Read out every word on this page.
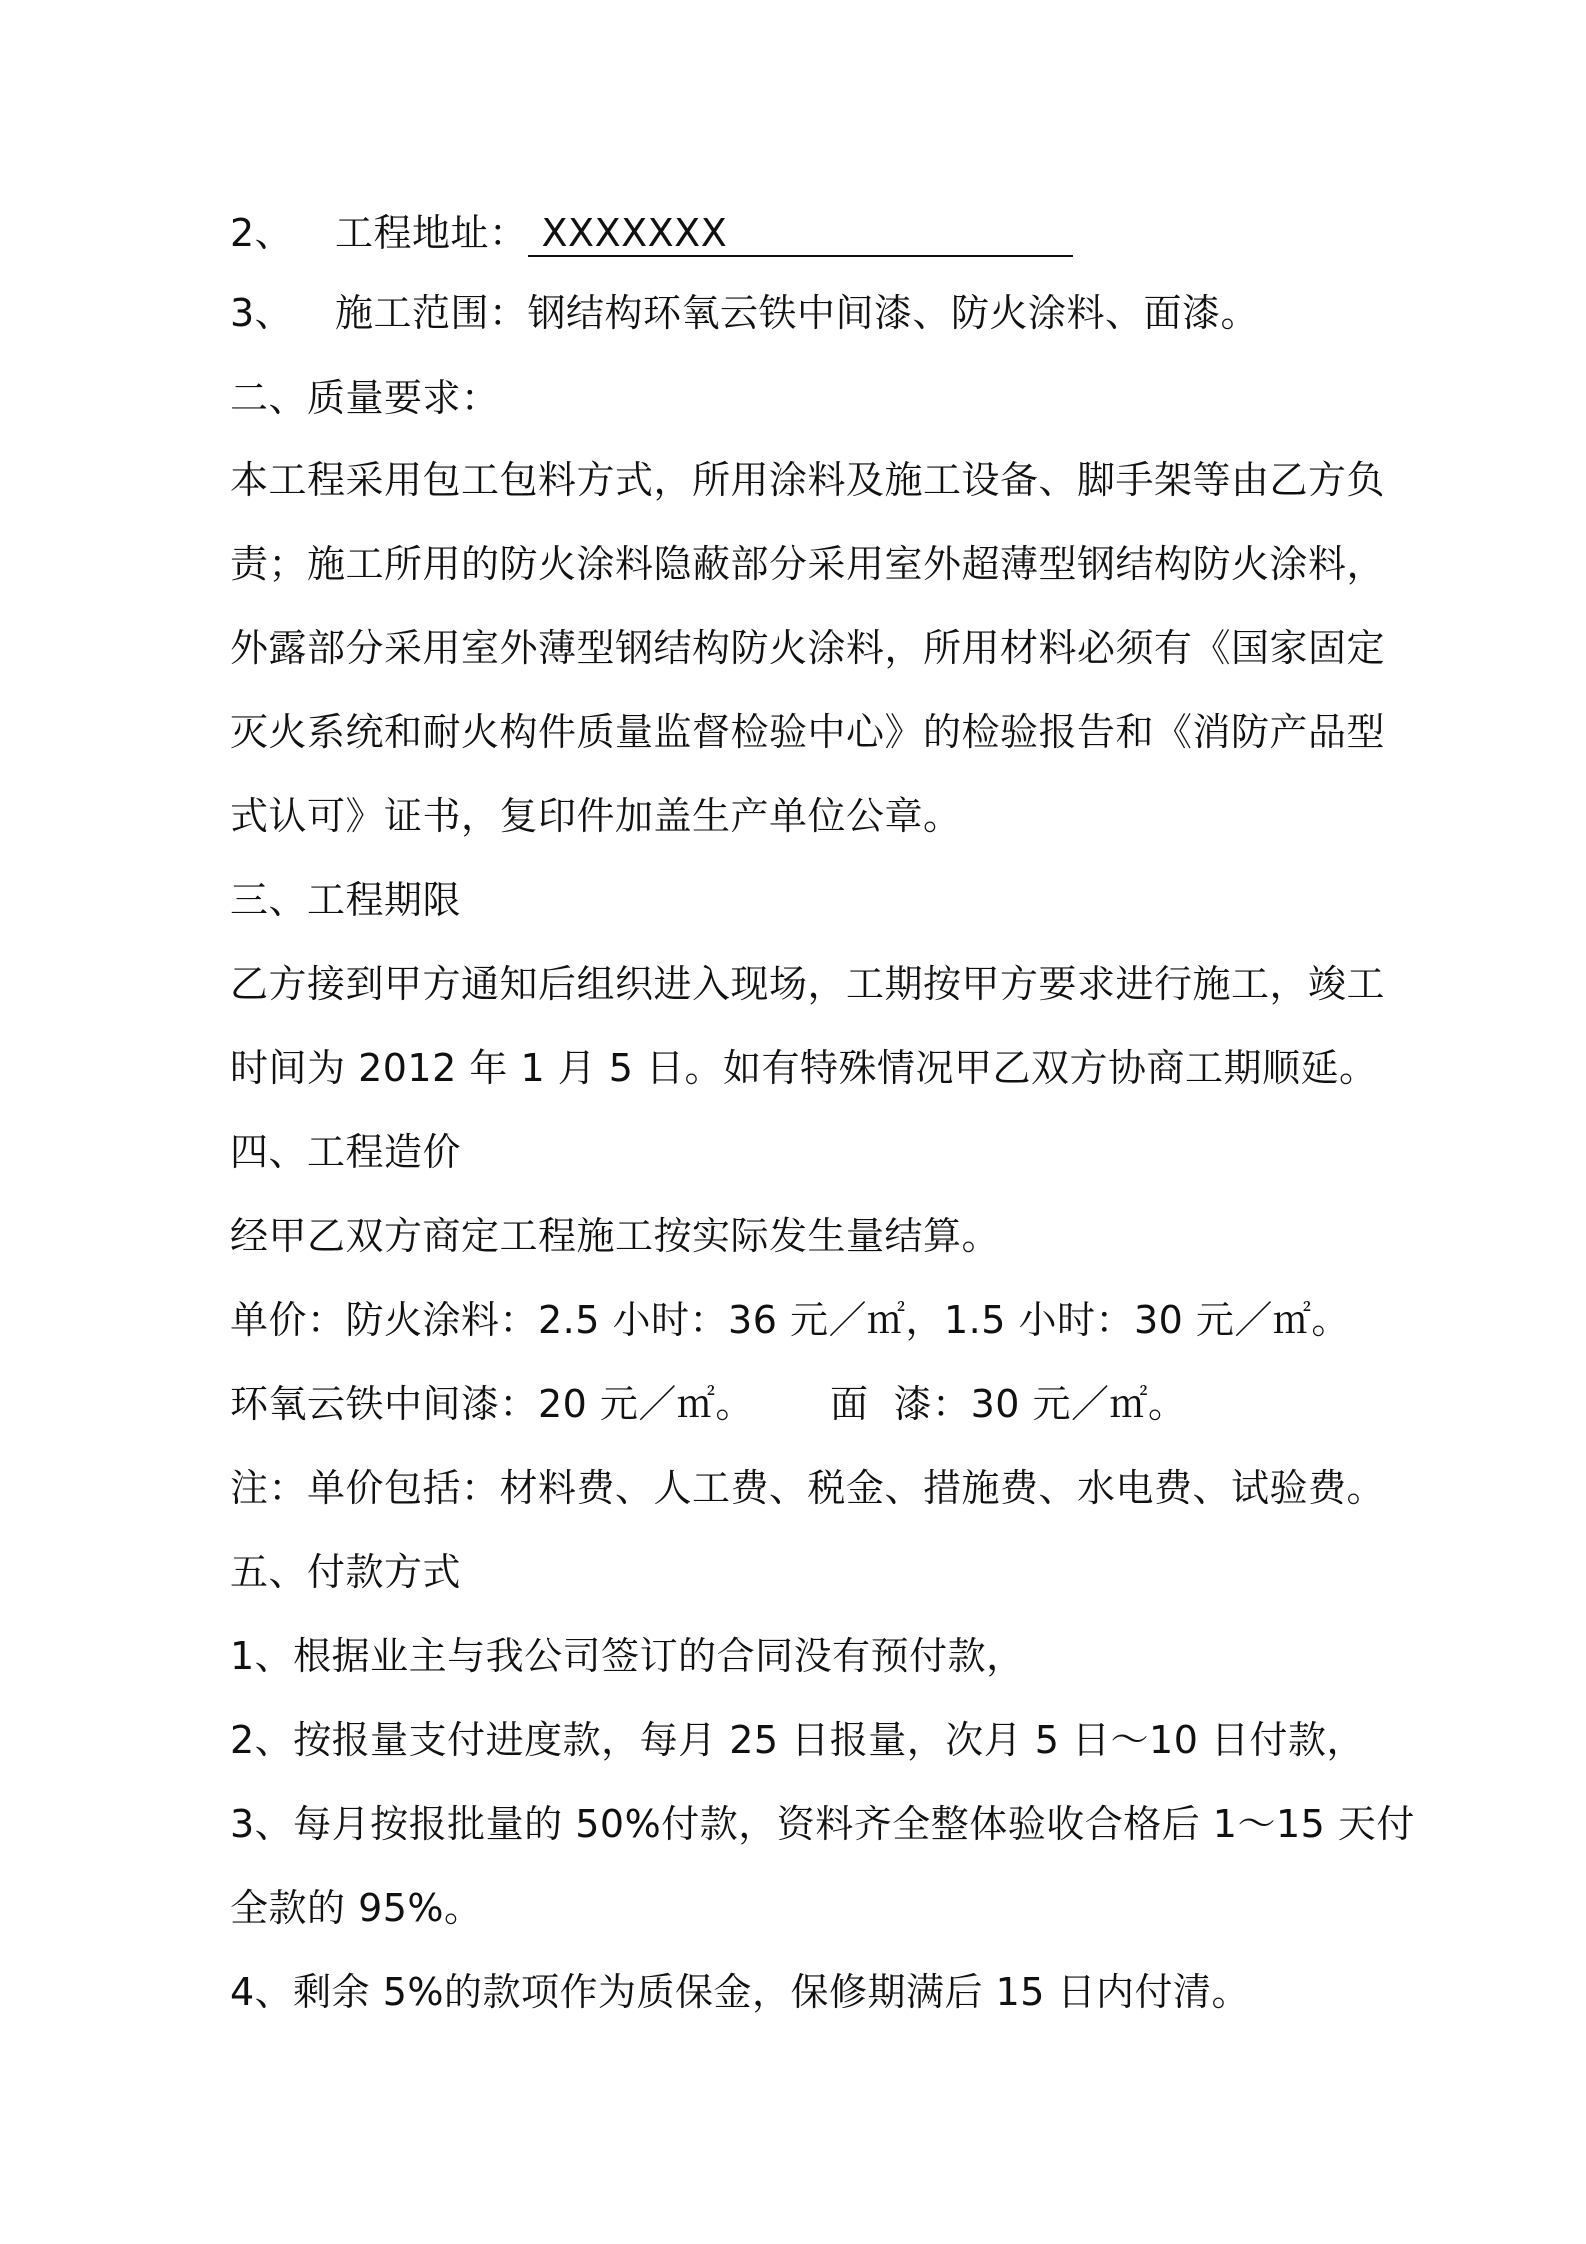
2、 工程地址： XXXXXXX
3、 施工范围：钢结构环氧云铁中间漆、防火涂料、面漆。
二、质量要求：
本工程采用包工包料方式，所用涂料及施工设备、脚手架等由乙方负
责；施工所用的防火涂料隐蔽部分采用室外超薄型钢结构防火涂料，
外露部分采用室外薄型钢结构防火涂料，所用材料必须有《国家固定
灭火系统和耐火构件质量监督检验中心》的检验报告和《消防产品型
式认可》证书，复印件加盖生产单位公章。
三、工程期限
乙方接到甲方通知后组织进入现场，工期按甲方要求进行施工，竣工
时间为 2012 年 1 月 5 日。如有特殊情况甲乙双方协商工期顺延。
四、工程造价
经甲乙双方商定工程施工按实际发生量结算。
单价：防火涂料：2.5 小时：36 元／㎡，1.5 小时：30 元／㎡。
环氧云铁中间漆：20 元／㎡。 面  漆：30 元／㎡。
注：单价包括：材料费、人工费、税金、措施费、水电费、试验费。
五、付款方式
1、根据业主与我公司签订的合同没有预付款，
2、按报量支付进度款，每月 25 日报量，次月 5 日～10 日付款，
3、每月按报批量的 50%付款，资料齐全整体验收合格后 1～15 天付
全款的 95%。
4、剩余 5%的款项作为质保金，保修期满后 15 日内付清。
